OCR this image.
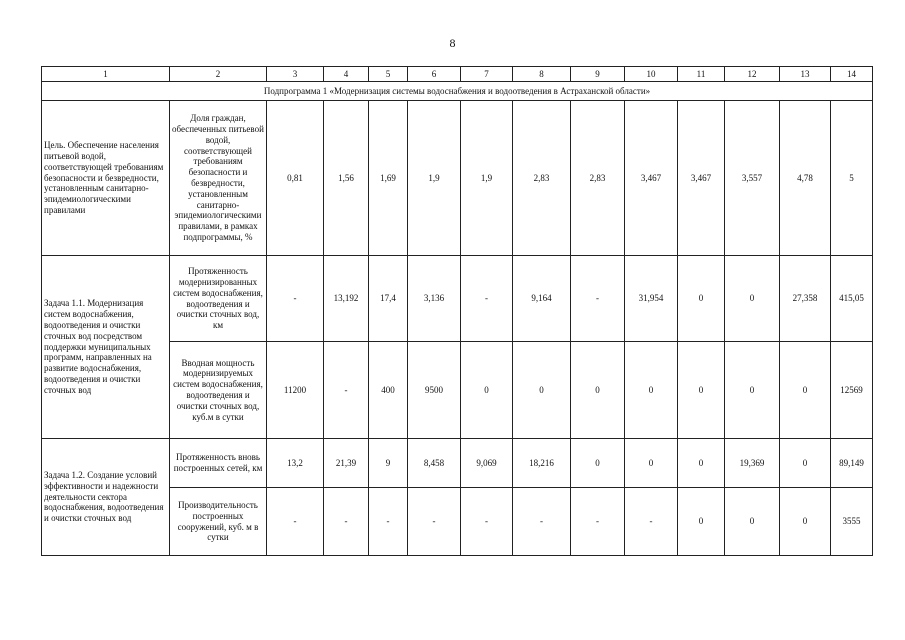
8
1	2	3	4	5	6	7	8	9	10	11	12	13	14
Подпрограмма 1 «Модернизация системы водоснабжения и водоотведения в Астраханской области»													
Цель. Обеспечение населения питьевой водой, соответствующей требованиям безопасности и безвредности, установленным санитарно-эпидемиологическими правилами	Доля граждан, обеспеченных питьевой водой, соответствующей требованиям безопасности и безвредности, установленным санитарно-эпидемиологическими правилами, в рамках подпрограммы, %	0,81	1,56	1,69	1,9	1,9	2,83	2,83	3,467	3,467	3,557	4,78	5
Задача 1.1. Модернизация систем водоснабжения, водоотведения и очистки сточных вод посредством поддержки муниципальных программ, направленных на развитие водоснабжения, водоотведения и очистки сточных вод	Протяженность модернизированных систем водоснабжения, водоотведения и очистки сточных вод, км	-	13,192	17,4	3,136	-	9,164	-	31,954	0	0	27,358	415,05
	Вводная мощность модернизируемых систем водоснабжения, водоотведения и очистки сточных вод, куб.м в сутки	11200	-	400	9500	0	0	0	0	0	0	0	12569
Задача 1.2. Создание условий эффективности и надежности деятельности сектора водоснабжения, водоотведения и очистки сточных вод	Протяженность вновь построенных сетей, км	13,2	21,39	9	8,458	9,069	18,216	0	0	0	19,369	0	89,149
	Производительность построенных сооружений, куб. м в сутки	-	-	-	-	-	-	-	-	0	0	0	3555
